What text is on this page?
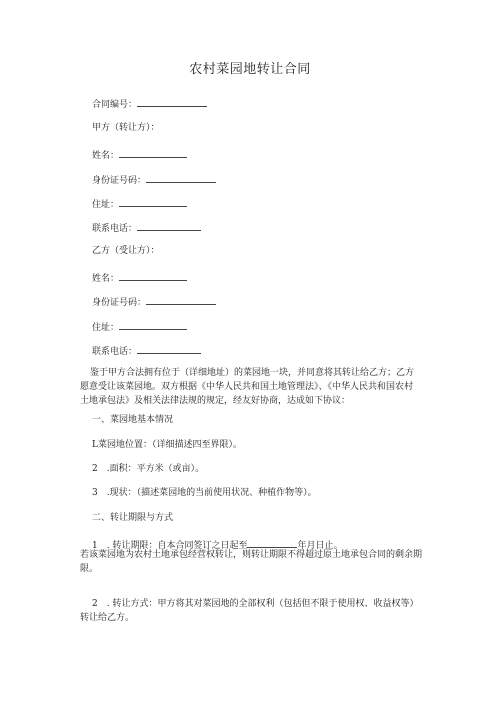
农村菜园地转让合同
合同编号：
甲方（转让方）：
姓名：
身份证号码：
住址：
联系电话：
乙方（受让方）：
姓名：
身份证号码：
住址：
联系电话：
鉴于甲方合法拥有位于（详细地址）的菜园地一块，并同意将其转让给乙方；乙方
愿意受让该菜园地。双方根据《中华人民共和国土地管理法》、《中华人民共和国农村
土地承包法》及相关法律法规的规定，经友好协商，达成如下协议：
一、菜园地基本情况
L菜园地位置：（详细描述四至界限）。
2　.面积：平方米（或亩）。
3　.现状：（描述菜园地的当前使用状况、种植作物等）。
二、转让期限与方式
1　. 转让期限：自本合同签订之日起至	年月日止。
若该菜园地为农村土地承包经营权转让，则转让期限不得超过原土地承包合同的剩余期
限。
2　. 转让方式：甲方将其对菜园地的全部权利（包括但不限于使用权、收益权等）
转让给乙方。
